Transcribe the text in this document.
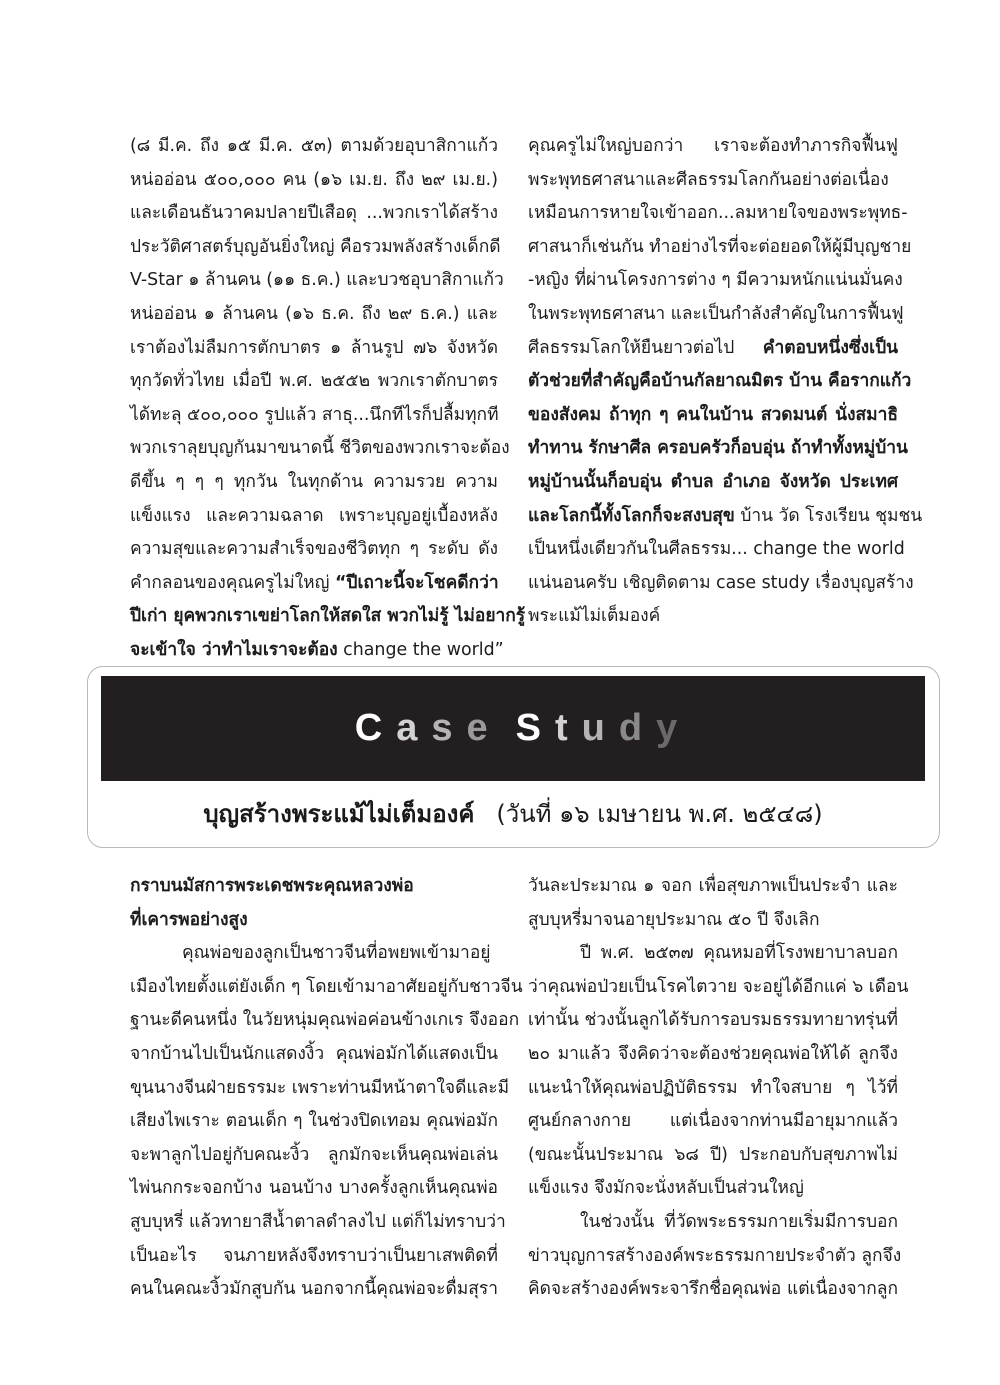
(๘ มี.ค. ถึง ๑๕ มี.ค. ๕๓) ตามด้วยอุบาสิกาแก้ว
หน่ออ่อน ๕๐๐,๐๐๐ คน (๑๖ เม.ย. ถึง ๒๙ เม.ย.)
และเดือนธันวาคมปลายปีเสือดุ ...พวกเราได้สร้าง
ประวัติศาสตร์บุญอันยิ่งใหญ่ คือรวมพลังสร้างเด็กดี
V-Star ๑ ล้านคน (๑๑ ธ.ค.) และบวชอุบาสิกาแก้ว
หน่ออ่อน ๑ ล้านคน (๑๖ ธ.ค. ถึง ๒๙ ธ.ค.) และ
เราต้องไม่ลืมการตักบาตร ๑ ล้านรูป ๗๖ จังหวัด
ทุกวัดทั่วไทย เมื่อปี พ.ศ. ๒๕๕๒ พวกเราตักบาตร
ได้ทะลุ ๕๐๐,๐๐๐ รูปแล้ว สาธุ...นึกทีไรก็ปลื้มทุกที
พวกเราลุยบุญกันมาขนาดนี้ ชีวิตของพวกเราจะต้อง
ดีขึ้น ๆ ๆ ๆ ทุกวัน ในทุกด้าน ความรวย ความ
แข็งแรง และความฉลาด เพราะบุญอยู่เบื้องหลัง
ความสุขและความสำเร็จของชีวิตทุก ๆ ระดับ ดัง
คำกลอนของคุณครูไม่ใหญ่ “ปีเถาะนี้จะโชคดีกว่า
ปีเก่า ยุคพวกเราเขย่าโลกให้สดใส พวกไม่รู้ ไม่อยากรู้
จะเข้าใจ ว่าทำไมเราจะต้อง change the world”
คุณครูไม่ใหญ่บอกว่า เราจะต้องทำภารกิจฟื้นฟู
พระพุทธศาสนาและศีลธรรมโลกกันอย่างต่อเนื่อง
เหมือนการหายใจเข้าออก...ลมหายใจของพระพุทธ-
ศาสนาก็เช่นกัน ทำอย่างไรที่จะต่อยอดให้ผู้มีบุญชาย
-หญิง ที่ผ่านโครงการต่าง ๆ มีความหนักแน่นมั่นคง
ในพระพุทธศาสนา และเป็นกำลังสำคัญในการฟื้นฟู
ศีลธรรมโลกให้ยืนยาวต่อไป คำตอบหนึ่งซึ่งเป็น
ตัวช่วยที่สำคัญคือบ้านกัลยาณมิตร บ้าน คือรากแก้ว
ของสังคม ถ้าทุก ๆ คนในบ้าน สวดมนต์ นั่งสมาธิ
ทำทาน รักษาศีล ครอบครัวก็อบอุ่น ถ้าทำทั้งหมู่บ้าน
หมู่บ้านนั้นก็อบอุ่น ตำบล อำเภอ จังหวัด ประเทศ
และโลกนี้ทั้งโลกก็จะสงบสุข บ้าน วัด โรงเรียน ชุมชน
เป็นหนึ่งเดียวกันในศีลธรรม... change the world
แน่นอนครับ เชิญติดตาม case study เรื่องบุญสร้าง
พระแม้ไม่เต็มองค์
C a s e
S t u d y
บุญสร้างพระแม้ไม่เต็มองค์ (วันที่ ๑๖ เมษายน พ.ศ. ๒๕๔๘)
กราบนมัสการพระเดชพระคุณหลวงพ่อ
ที่เคารพอย่างสูง
คุณพ่อของลูกเป็นชาวจีนที่อพยพเข้ามาอยู่
เมืองไทยตั้งแต่ยังเด็ก ๆ โดยเข้ามาอาศัยอยู่กับชาวจีน
ฐานะดีคนหนึ่ง ในวัยหนุ่มคุณพ่อค่อนข้างเกเร จึงออก
จากบ้านไปเป็นนักแสดงงิ้ว คุณพ่อมักได้แสดงเป็น
ขุนนางจีนฝ่ายธรรมะ เพราะท่านมีหน้าตาใจดีและมี
เสียงไพเราะ ตอนเด็ก ๆ ในช่วงปิดเทอม คุณพ่อมัก
จะพาลูกไปอยู่กับคณะงิ้ว ลูกมักจะเห็นคุณพ่อเล่น
ไพ่นกกระจอกบ้าง นอนบ้าง บางครั้งลูกเห็นคุณพ่อ
สูบบุหรี่ แล้วทายาสีน้ำตาลดำลงไป แต่ก็ไม่ทราบว่า
เป็นอะไร จนภายหลังจึงทราบว่าเป็นยาเสพติดที่
คนในคณะงิ้วมักสูบกัน นอกจากนี้คุณพ่อจะดื่มสุรา
วันละประมาณ ๑ จอก เพื่อสุขภาพเป็นประจำ และ
สูบบุหรี่มาจนอายุประมาณ ๕๐ ปี จึงเลิก
ปี พ.ศ. ๒๕๓๗ คุณหมอที่โรงพยาบาลบอก
ว่าคุณพ่อป่วยเป็นโรคไตวาย จะอยู่ได้อีกแค่ ๖ เดือน
เท่านั้น ช่วงนั้นลูกได้รับการอบรมธรรมทายาทรุ่นที่
๒๐ มาแล้ว จึงคิดว่าจะต้องช่วยคุณพ่อให้ได้ ลูกจึง
แนะนำให้คุณพ่อปฏิบัติธรรม ทำใจสบาย ๆ ไว้ที่
ศูนย์กลางกาย แต่เนื่องจากท่านมีอายุมากแล้ว
(ขณะนั้นประมาณ ๖๘ ปี) ประกอบกับสุขภาพไม่
แข็งแรง จึงมักจะนั่งหลับเป็นส่วนใหญ่
ในช่วงนั้น ที่วัดพระธรรมกายเริ่มมีการบอก
ข่าวบุญการสร้างองค์พระธรรมกายประจำตัว ลูกจึง
คิดจะสร้างองค์พระจารึกชื่อคุณพ่อ แต่เนื่องจากลูก
